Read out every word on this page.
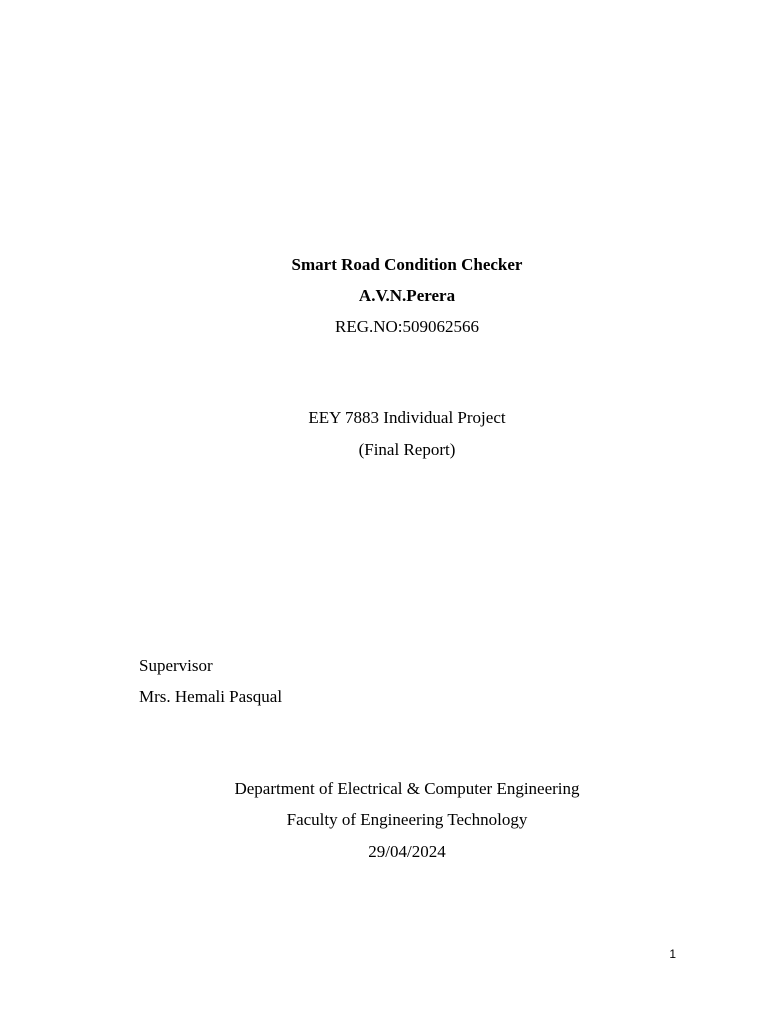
Smart Road Condition Checker
A.V.N.Perera
REG.NO:509062566
EEY 7883 Individual Project
(Final Report)
Supervisor
Mrs. Hemali Pasqual
Department of Electrical & Computer Engineering
Faculty of Engineering Technology
29/04/2024
1
